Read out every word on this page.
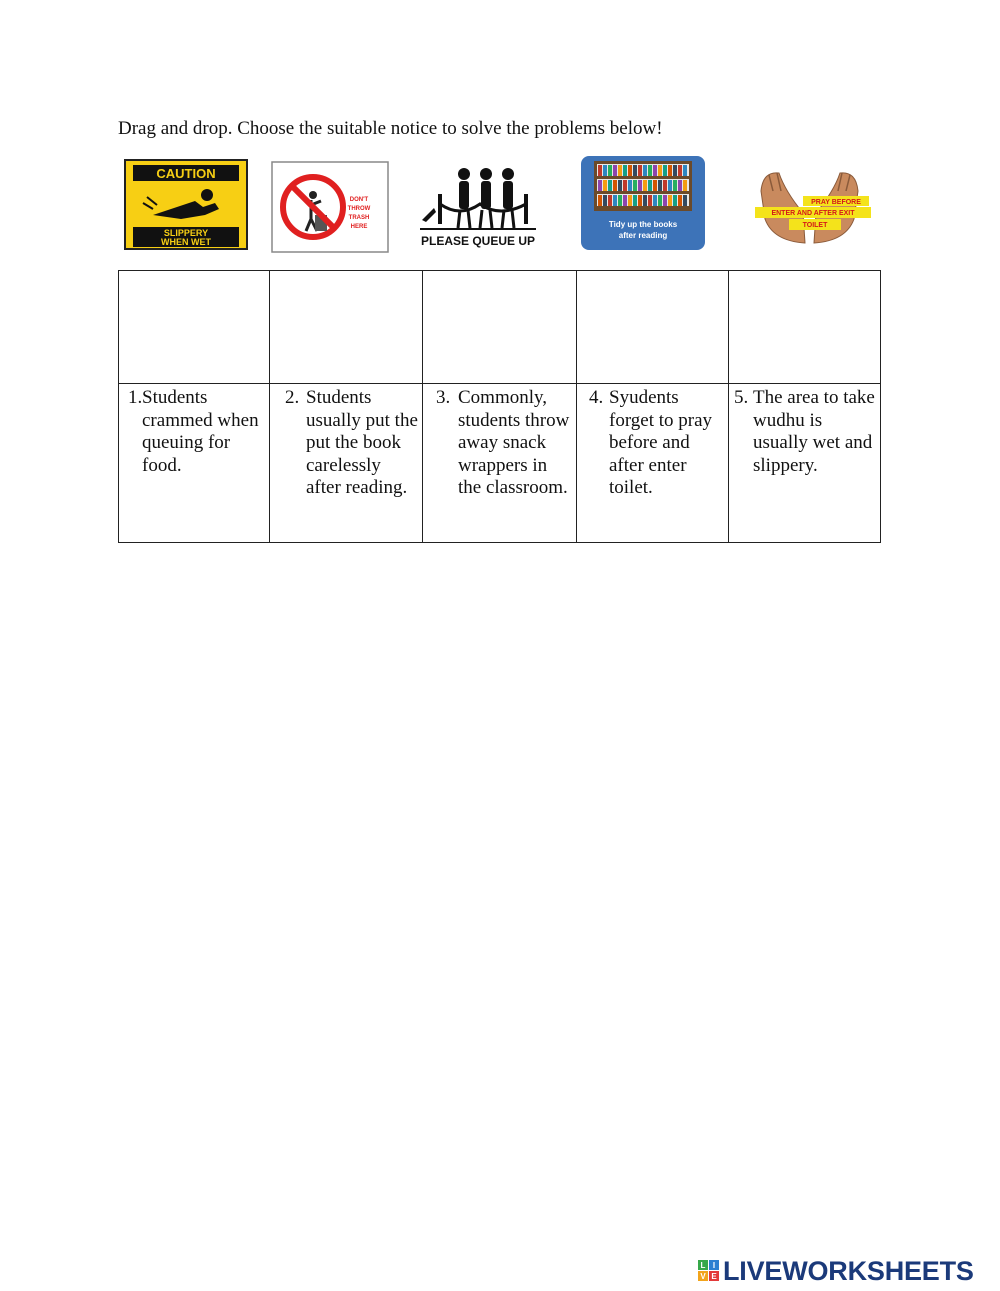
Drag and drop. Choose the suitable notice to solve the problems below!
CAUTION
SLIPPERY
WHEN WET
DON'T
THROW
TRASH
HERE
PLEASE QUEUE UP
Tidy up the books
after reading
PRAY BEFORE
ENTER AND AFTER EXIT
TOILET

1. Students crammed when queuing for food.	2. Students usually put the put the book carelessly after reading.	3. Commonly, students throw away snack wrappers in the classroom.	4. Syudents forget to pray before and after enter toilet.	5. The area to take wudhu is usually wet and slippery.
L I
V E LIVEWORKSHEETS
